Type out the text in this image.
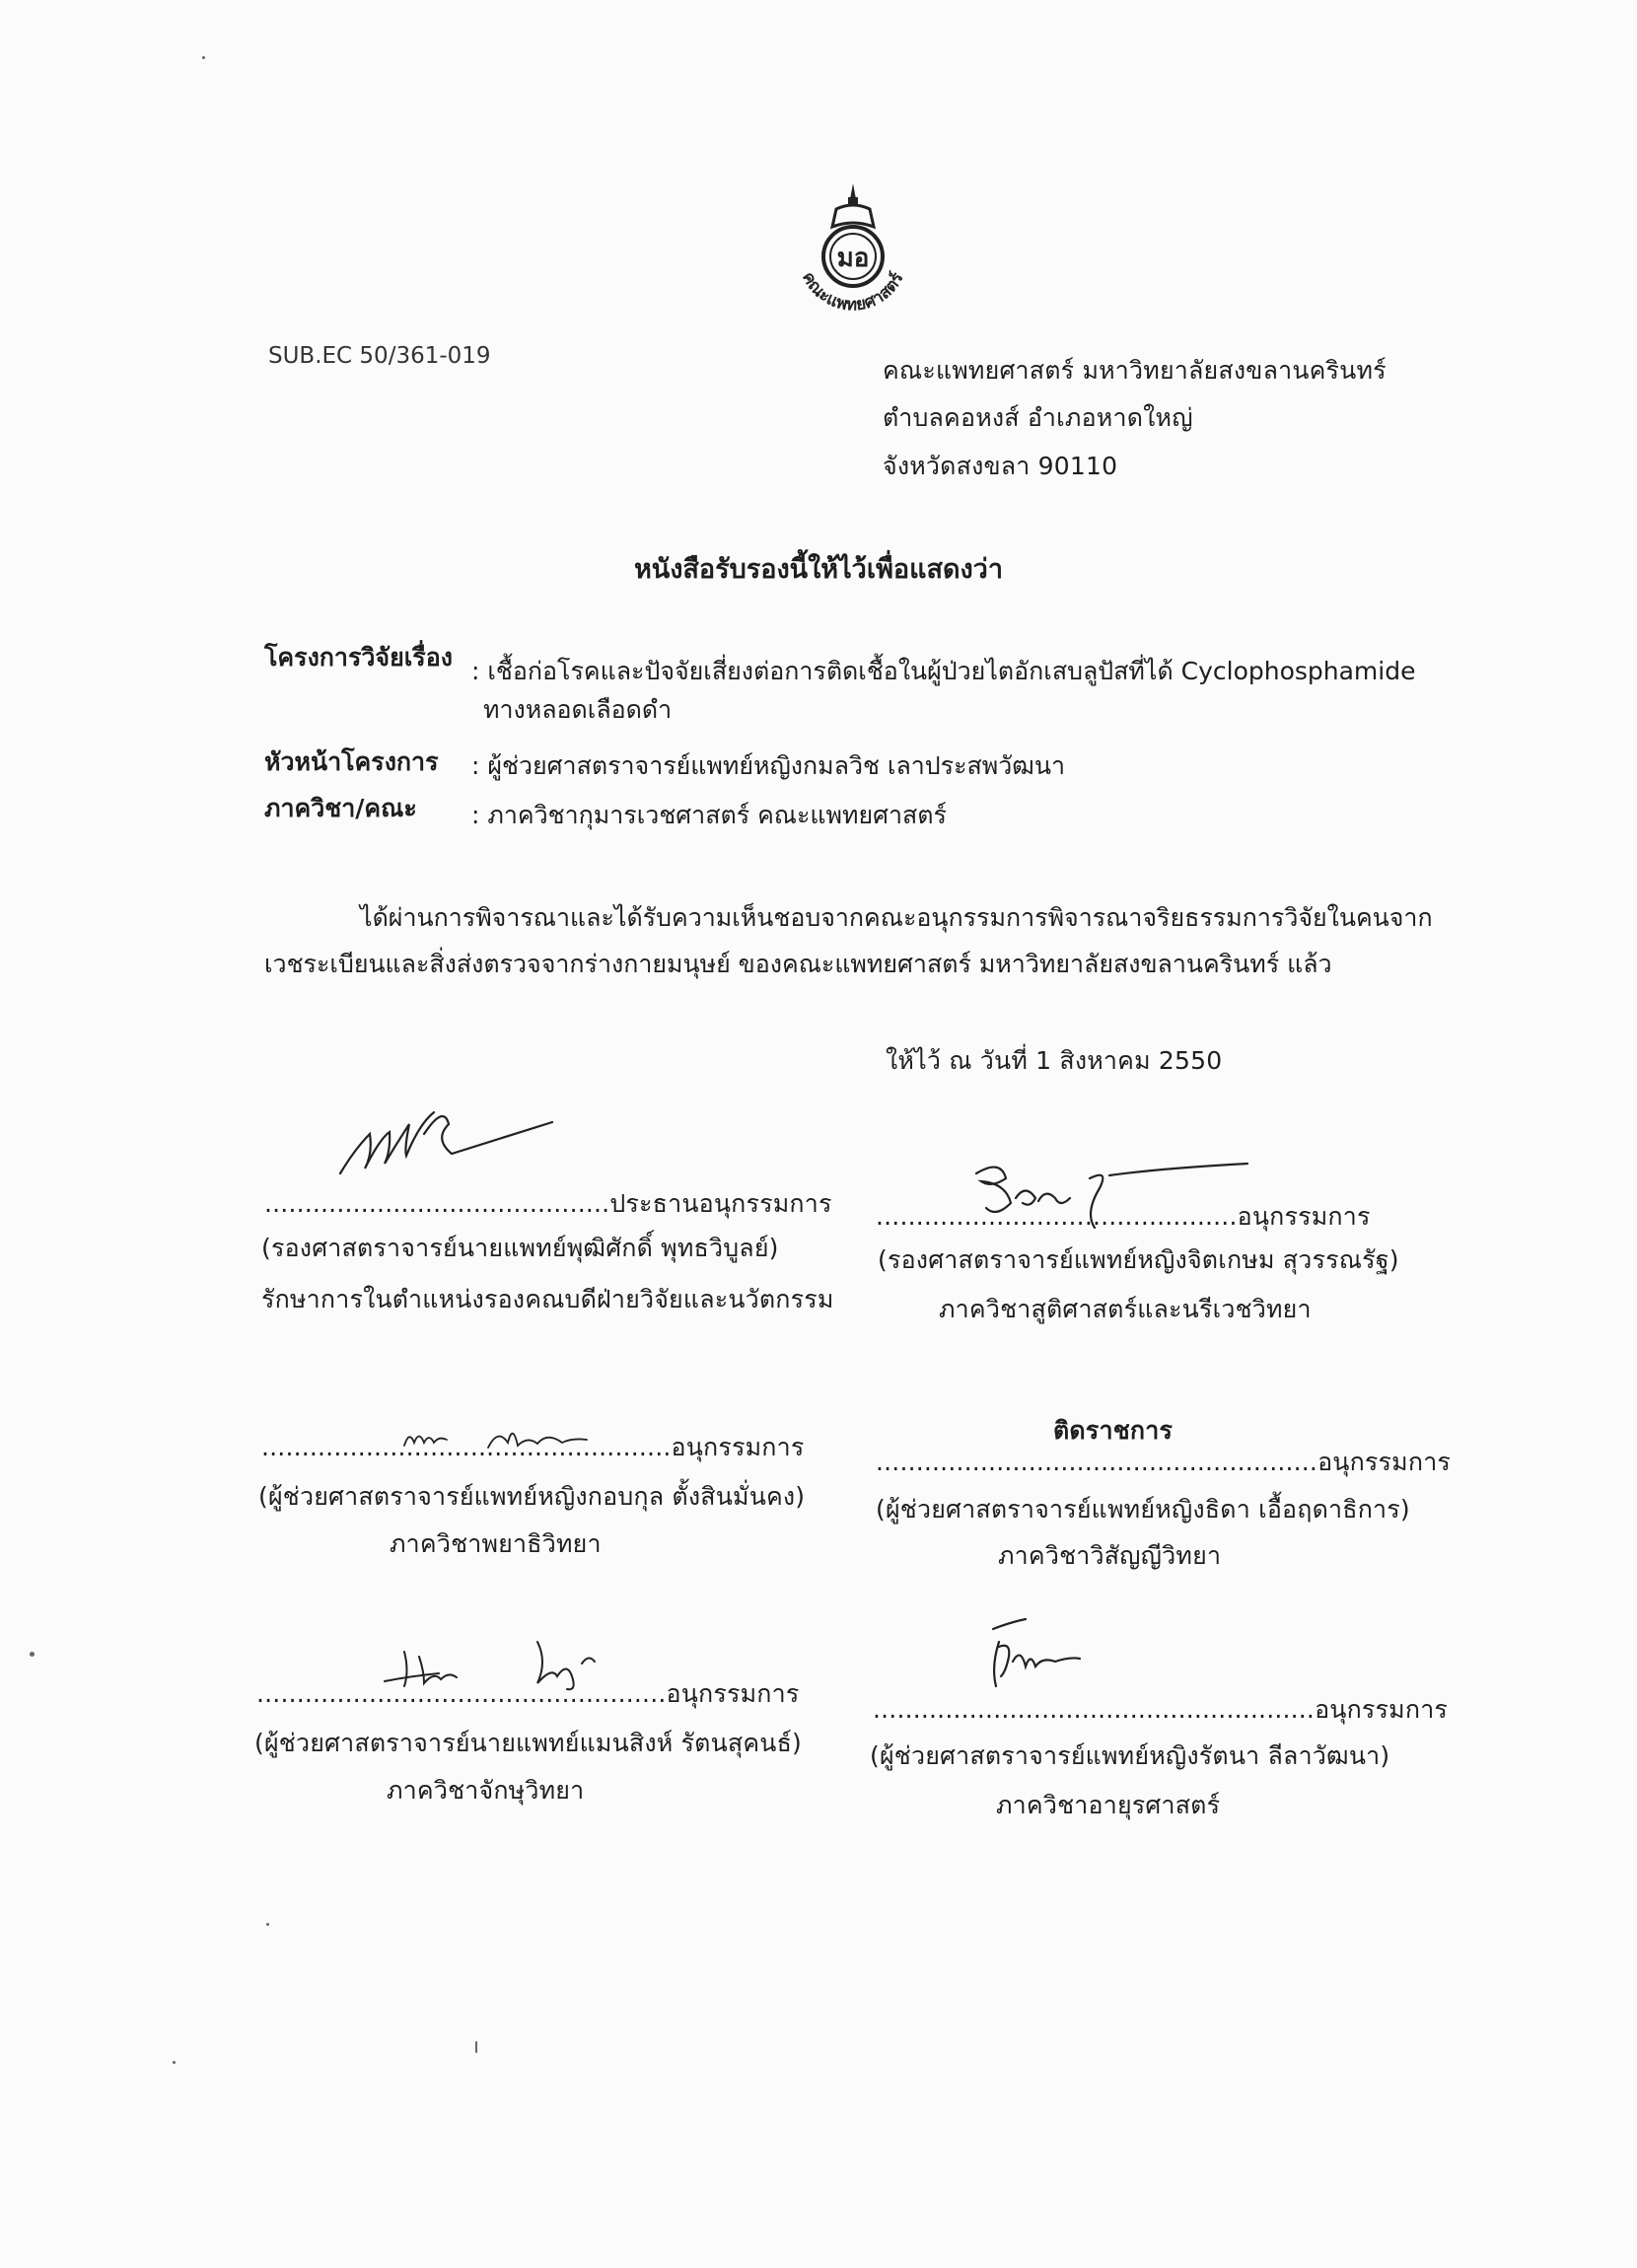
มอ
คณะแพทยศาสตร์
SUB.EC 50/361-019	คณะแพทยศาสตร์ มหาวิทยาลัยสงขลานครินทร์
ตำบลคอหงส์ อำเภอหาดใหญ่
จังหวัดสงขลา 90110
หนังสือรับรองนี้ให้ไว้เพื่อแสดงว่า
โครงการวิจัยเรื่อง : เชื้อก่อโรคและปัจจัยเสี่ยงต่อการติดเชื้อในผู้ป่วยไตอักเสบลูปัสที่ได้ Cyclophosphamide
ทางหลอดเลือดดำ
หัวหน้าโครงการ : ผู้ช่วยศาสตราจารย์แพทย์หญิงกมลวิช เลาประสพวัฒนา
ภาควิชา/คณะ : ภาควิชากุมารเวชศาสตร์ คณะแพทยศาสตร์
ได้ผ่านการพิจารณาและได้รับความเห็นชอบจากคณะอนุกรรมการพิจารณาจริยธรรมการวิจัยในคนจาก
เวชระเบียนและสิ่งส่งตรวจจากร่างกายมนุษย์ ของคณะแพทยศาสตร์ มหาวิทยาลัยสงขลานครินทร์ แล้ว
ให้ไว้ ณ วันที่ 1 สิงหาคม 2550
...........................................ประธานอนุกรรมการ
(รองศาสตราจารย์นายแพทย์พุฒิศักดิ์ พุทธวิบูลย์)
รักษาการในตำแหน่งรองคณบดีฝ่ายวิจัยและนวัตกรรม
.............................................อนุกรรมการ
(รองศาสตราจารย์แพทย์หญิงจิตเกษม สุวรรณรัฐ)
ภาควิชาสูติศาสตร์และนรีเวชวิทยา
...................................................อนุกรรมการ
(ผู้ช่วยศาสตราจารย์แพทย์หญิงกอบกุล ตั้งสินมั่นคง)
ภาควิชาพยาธิวิทยา
ติดราชการ
.......................................................อนุกรรมการ
(ผู้ช่วยศาสตราจารย์แพทย์หญิงธิดา เอื้อฤดาธิการ)
ภาควิชาวิสัญญีวิทยา
...................................................อนุกรรมการ
(ผู้ช่วยศาสตราจารย์นายแพทย์แมนสิงห์ รัตนสุคนธ์)
ภาควิชาจักษุวิทยา
.......................................................อนุกรรมการ
(ผู้ช่วยศาสตราจารย์แพทย์หญิงรัตนา ลีลาวัฒนา)
ภาควิชาอายุรศาสตร์
